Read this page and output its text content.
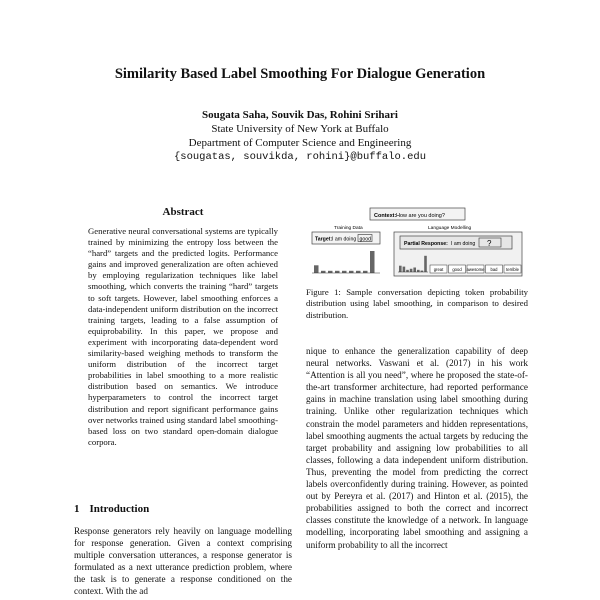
Similarity Based Label Smoothing For Dialogue Generation
Sougata Saha, Souvik Das, Rohini Srihari
State University of New York at Buffalo
Department of Computer Science and Engineering
{sougatas, souvikda, rohini}@buffalo.edu
Abstract
Generative neural conversational systems are typically trained by minimizing the entropy loss between the “hard” targets and the predicted logits. Performance gains and improved generalization are often achieved by employing regularization techniques like label smoothing, which converts the training “hard” targets to soft targets. However, label smoothing enforces a data-independent uniform distribution on the incorrect training targets, leading to a false assumption of equiprobability. In this paper, we propose and experiment with incorporating data-dependent word similarity-based weighing methods to transform the uniform distribution of the incorrect target probabilities in label smoothing to a more realistic distribution based on semantics. We introduce hyperparameters to control the incorrect target distribution and report significant performance gains over networks trained using standard label smoothing-based loss on two standard open-domain dialogue corpora.
1 Introduction
Response generators rely heavily on language modelling for response generation. Given a context comprising multiple conversation utterances, a response generator is formulated as a next utterance prediction problem, where the task is to generate a response conditioned on the context. With the ad
Context: How are you doing?
Training Data	Language Modelling
Target: I am doing good
Partial Response: I am doing ?
great good awesome bad terrible
Figure 1: Sample conversation depicting token probability distribution using label smoothing, in comparison to desired distribution.
nique to enhance the generalization capability of deep neural networks. Vaswani et al. (2017) in his work “Attention is all you need”, where he proposed the state-of-the-art transformer architecture, had reported performance gains in machine translation using label smoothing during training. Unlike other regularization techniques which constrain the model parameters and hidden representations, label smoothing augments the actual targets by reducing the target probability and assigning low probabilities to all classes, following a data independent uniform distribution. Thus, preventing the model from predicting the correct labels overconfidently during training. However, as pointed out by Pereyra et al. (2017) and Hinton et al. (2015), the probabilities assigned to both the correct and incorrect classes constitute the knowledge of a network. In language modelling, incorporating label smoothing and assigning a uniform probability to all the incorrect
